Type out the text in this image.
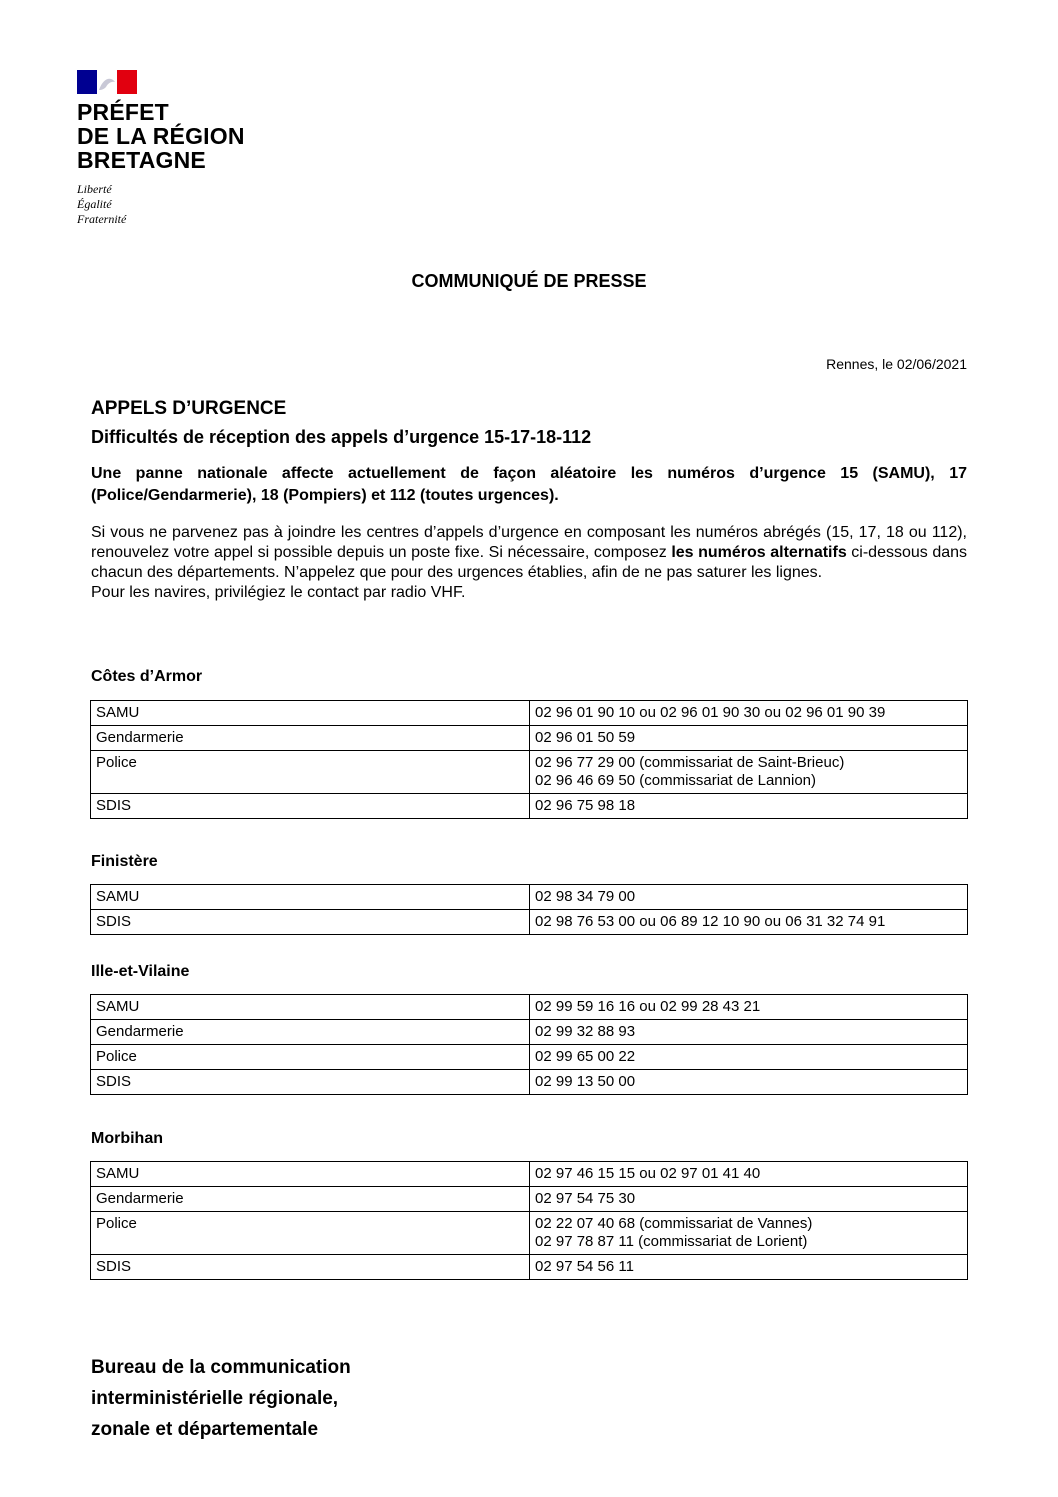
PRÉFET
DE LA RÉGION
BRETAGNE
Liberté
Égalité
Fraternité
COMMUNIQUÉ DE PRESSE
Rennes, le 02/06/2021
APPELS D’URGENCE
Difficultés de réception des appels d’urgence 15-17-18-112
Une panne nationale affecte actuellement de façon aléatoire les numéros d’urgence 15 (SAMU), 17 (Police/Gendarmerie), 18 (Pompiers) et 112 (toutes urgences).

Si vous ne parvenez pas à joindre les centres d’appels d’urgence en composant les numéros abrégés (15, 17, 18 ou 112), renouvelez votre appel si possible depuis un poste fixe. Si nécessaire, composez les numéros alternatifs ci-dessous dans chacun des départements. N’appelez que pour des urgences établies, afin de ne pas saturer les lignes.

Pour les navires, privilégiez le contact par radio VHF.

Côtes d’Armor
SAMU	02 96 01 90 10 ou 02 96 01 90 30 ou 02 96 01 90 39

Gendarmerie	02 96 01 50 59

Police	02 96 77 29 00 (commissariat de Saint-Brieuc)
02 96 46 69 50 (commissariat de Lannion)

SDIS	02 96 75 98 18
Finistère
SAMU	02 98 34 79 00

SDIS	02 98 76 53 00 ou 06 89 12 10 90 ou 06 31 32 74 91
Ille-et-Vilaine
SAMU	02 99 59 16 16 ou 02 99 28 43 21

Gendarmerie	02 99 32 88 93

Police	02 99 65 00 22

SDIS	02 99 13 50 00
Morbihan
SAMU	02 97 46 15 15 ou 02 97 01 41 40

Gendarmerie	02 97 54 75 30

Police	02 22 07 40 68 (commissariat de Vannes)
02 97 78 87 11 (commissariat de Lorient)

SDIS	02 97 54 56 11
Bureau de la communication
interministérielle régionale,
zonale et départementale
